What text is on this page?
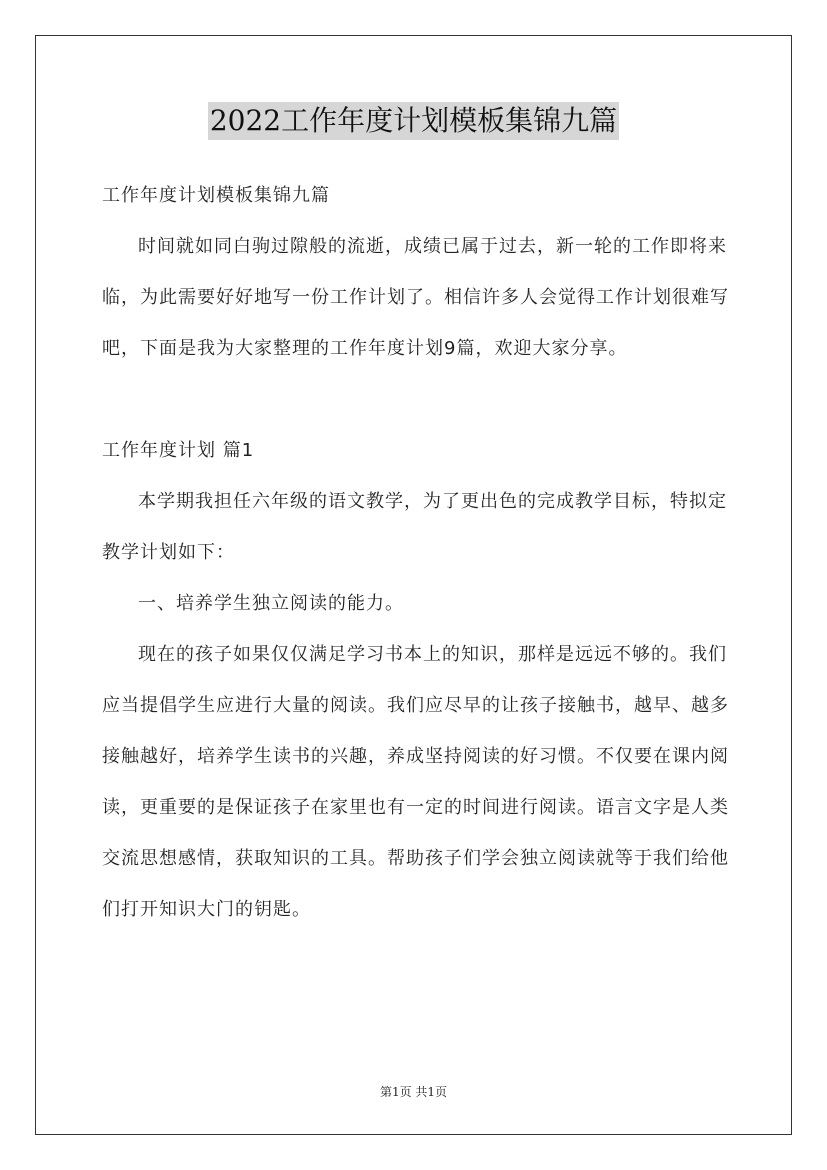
2022工作年度计划模板集锦九篇

工作年度计划模板集锦九篇

时间就如同白驹过隙般的流逝，成绩已属于过去，新一轮的工作即将来临，为此需要好好地写一份工作计划了。相信许多人会觉得工作计划很难写吧，下面是我为大家整理的工作年度计划9篇，欢迎大家分享。

工作年度计划 篇1

本学期我担任六年级的语文教学，为了更出色的完成教学目标，特拟定教学计划如下：

一、培养学生独立阅读的能力。

现在的孩子如果仅仅满足学习书本上的知识，那样是远远不够的。我们应当提倡学生应进行大量的阅读。我们应尽早的让孩子接触书，越早、越多接触越好，培养学生读书的兴趣，养成坚持阅读的好习惯。不仅要在课内阅读，更重要的是保证孩子在家里也有一定的时间进行阅读。语言文字是人类交流思想感情，获取知识的工具。帮助孩子们学会独立阅读就等于我们给他们打开知识大门的钥匙。

第1页 共1页
